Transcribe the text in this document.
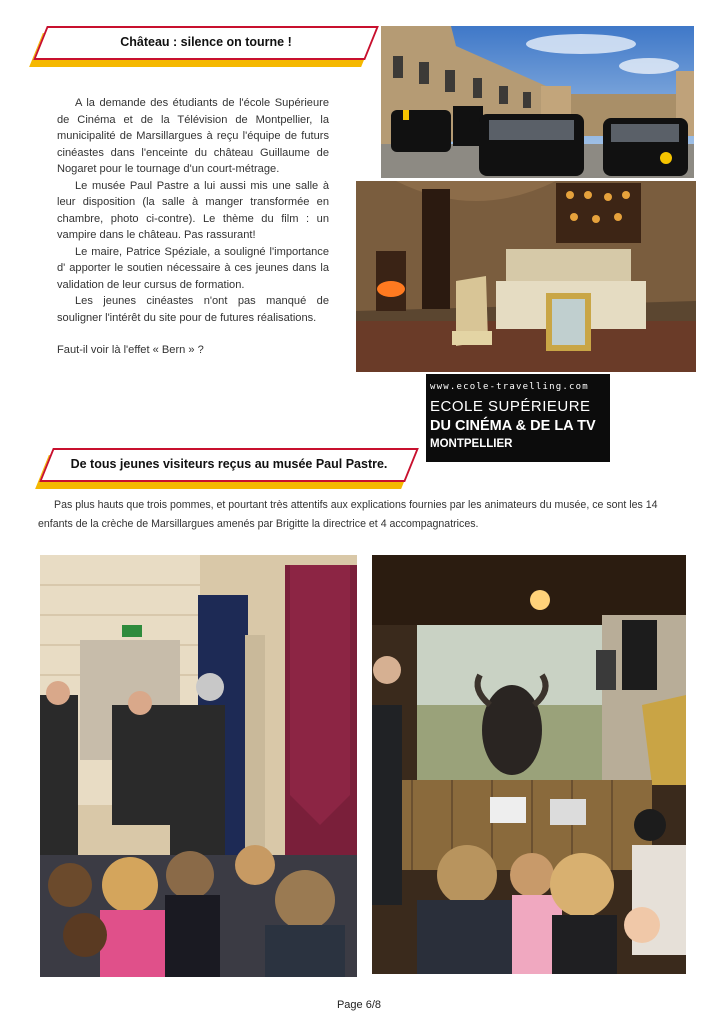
Château : silence on tourne !

A la demande des étudiants de l'école Supérieure de Cinéma et de la Télévision de Montpellier, la municipalité de Marsillargues à reçu l'équipe de futurs cinéastes dans l'enceinte du château Guillaume de Nogaret pour le tournage d'un court-métrage.

Le musée Paul Pastre a lui aussi mis une salle à leur disposition (la salle à manger transformée en chambre, photo ci-contre). Le thème du film : un vampire dans le château. Pas rassurant!

Le maire, Patrice Spéziale, a souligné l'importance d' apporter le soutien nécessaire à ces jeunes dans la validation de leur cursus de formation.

Les jeunes cinéastes n'ont pas manqué de souligner l'intérêt du site pour de futures réalisations.

Faut-il voir là l'effet « Bern » ?

www.ecole-travelling.com
ECOLE SUPÉRIEURE
DU CINÉMA & DE LA TV
MONTPELLIER
De tous jeunes visiteurs reçus au musée Paul Pastre.

Pas plus hauts que trois pommes, et pourtant très attentifs aux explications fournies par les animateurs du musée, ce sont les 14 enfants de la crèche de Marsillargues amenés par Brigitte la directrice et 4 accompagnatrices.

Page 6/8
